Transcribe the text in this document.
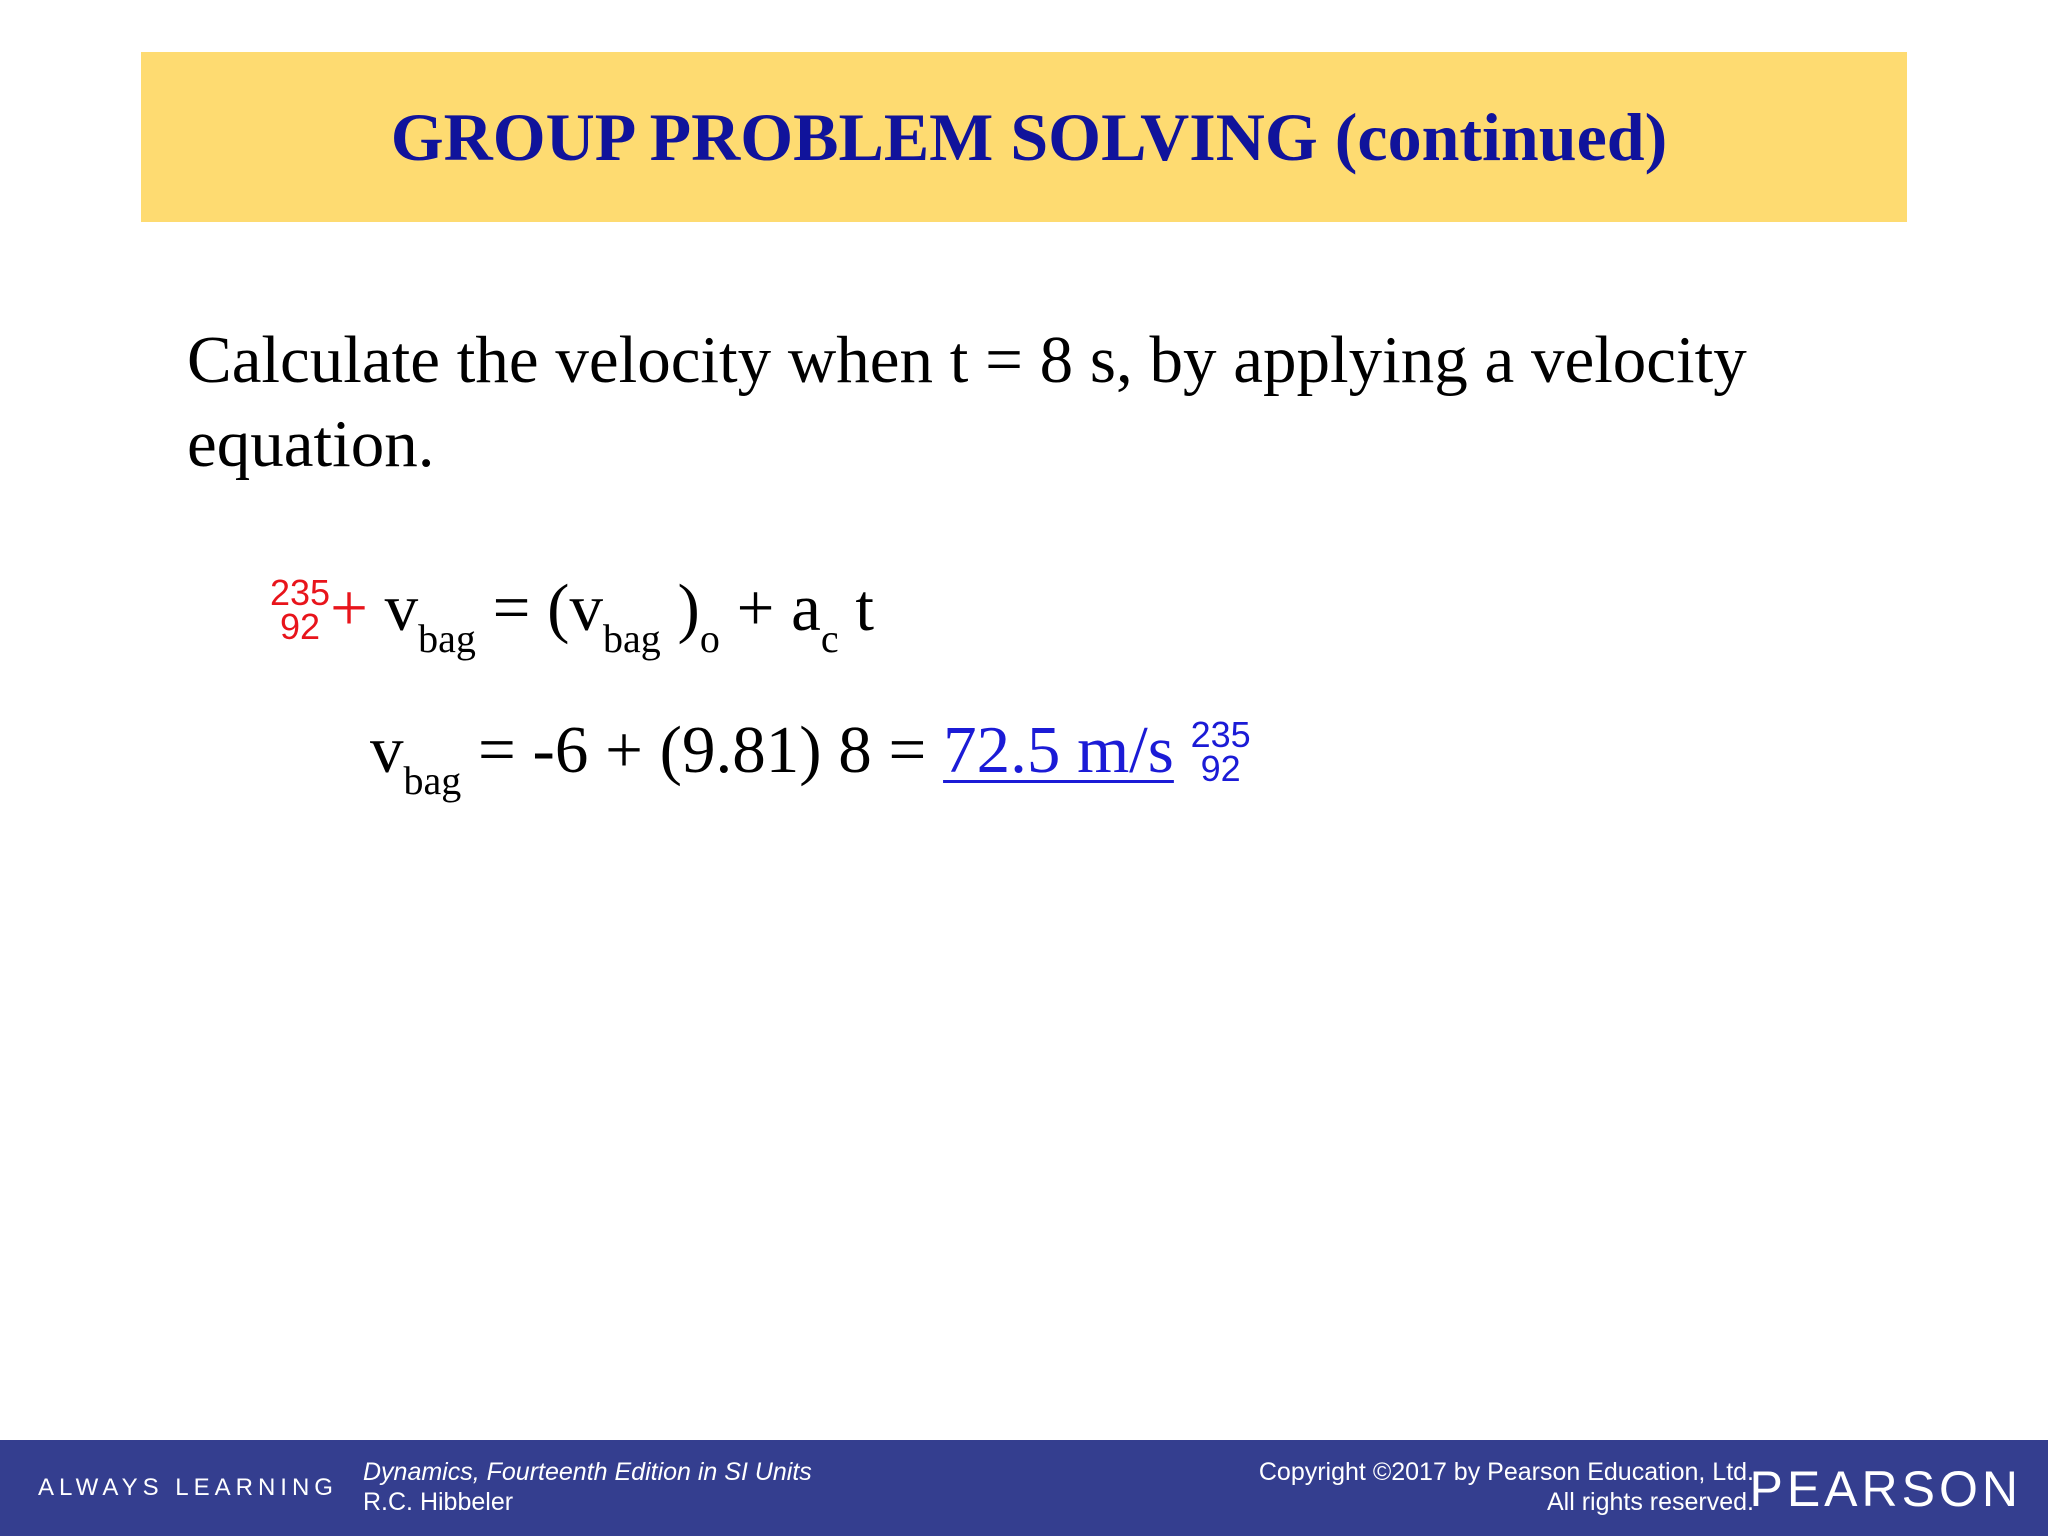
GROUP PROBLEM SOLVING (continued)
Calculate the velocity when t = 8 s, by applying a velocity
equation.
235
92 + vbag = (vbag )o + ac t
vbag = -6 + (9.81) 8 = 72.5 m/s 235
92
ALWAYS LEARNING
Dynamics, Fourteenth Edition in SI Units
R.C. Hibbeler
Copyright ©2017 by Pearson Education, Ltd.
All rights reserved.
PEARSON
